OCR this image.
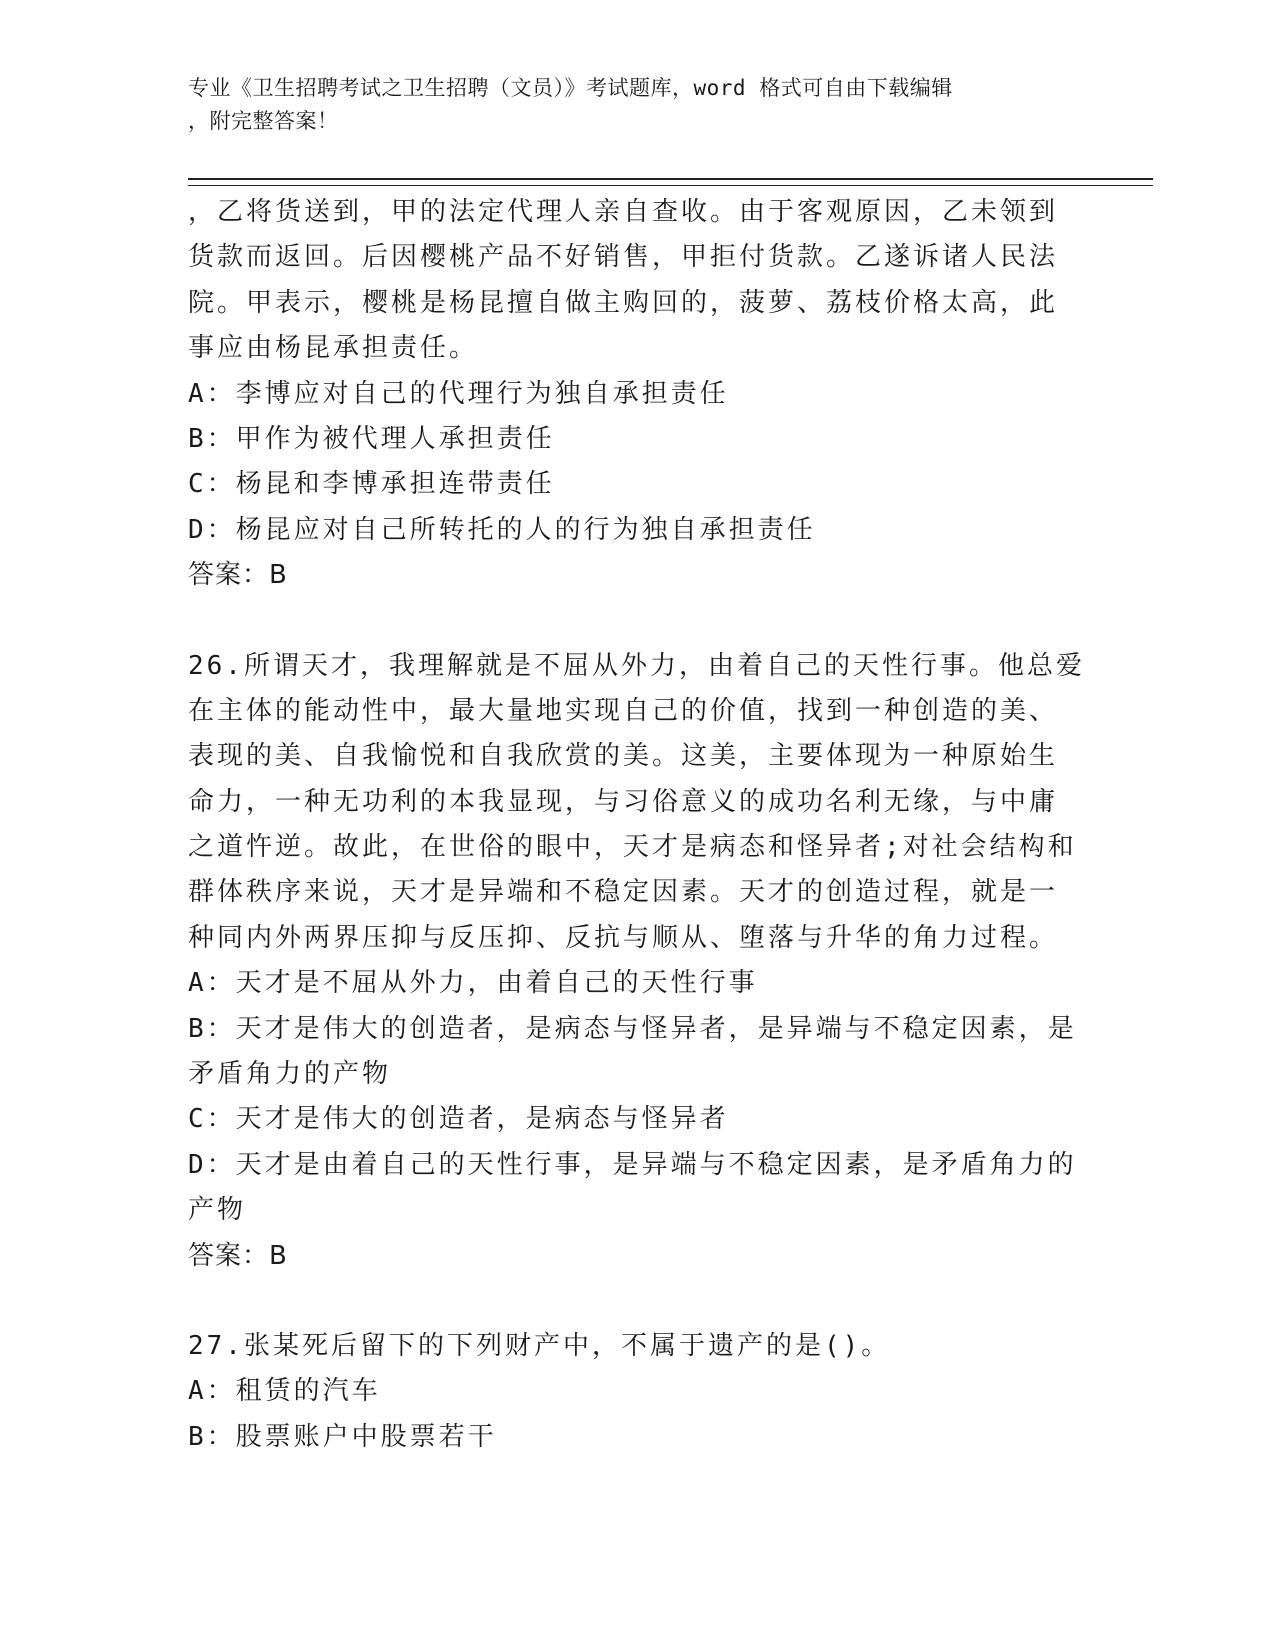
专业《卫生招聘考试之卫生招聘（文员）》考试题库，word 格式可自由下载编辑
，附完整答案！
，乙将货送到，甲的法定代理人亲自查收。由于客观原因，乙未领到
货款而返回。后因樱桃产品不好销售，甲拒付货款。乙遂诉诸人民法
院。甲表示，樱桃是杨昆擅自做主购回的，菠萝、荔枝价格太高，此
事应由杨昆承担责任。
A：李博应对自己的代理行为独自承担责任
B：甲作为被代理人承担责任
C：杨昆和李博承担连带责任
D：杨昆应对自己所转托的人的行为独自承担责任
答案：B
26.所谓天才，我理解就是不屈从外力，由着自己的天性行事。他总爱
在主体的能动性中，最大量地实现自己的价值，找到一种创造的美、
表现的美、自我愉悦和自我欣赏的美。这美，主要体现为一种原始生
命力，一种无功利的本我显现，与习俗意义的成功名利无缘，与中庸
之道忤逆。故此，在世俗的眼中，天才是病态和怪异者;对社会结构和
群体秩序来说，天才是异端和不稳定因素。天才的创造过程，就是一
种同内外两界压抑与反压抑、反抗与顺从、堕落与升华的角力过程。
A：天才是不屈从外力，由着自己的天性行事
B：天才是伟大的创造者，是病态与怪异者，是异端与不稳定因素，是
矛盾角力的产物
C：天才是伟大的创造者，是病态与怪异者
D：天才是由着自己的天性行事，是异端与不稳定因素，是矛盾角力的
产物
答案：B
27.张某死后留下的下列财产中，不属于遗产的是()。
A：租赁的汽车
B：股票账户中股票若干
